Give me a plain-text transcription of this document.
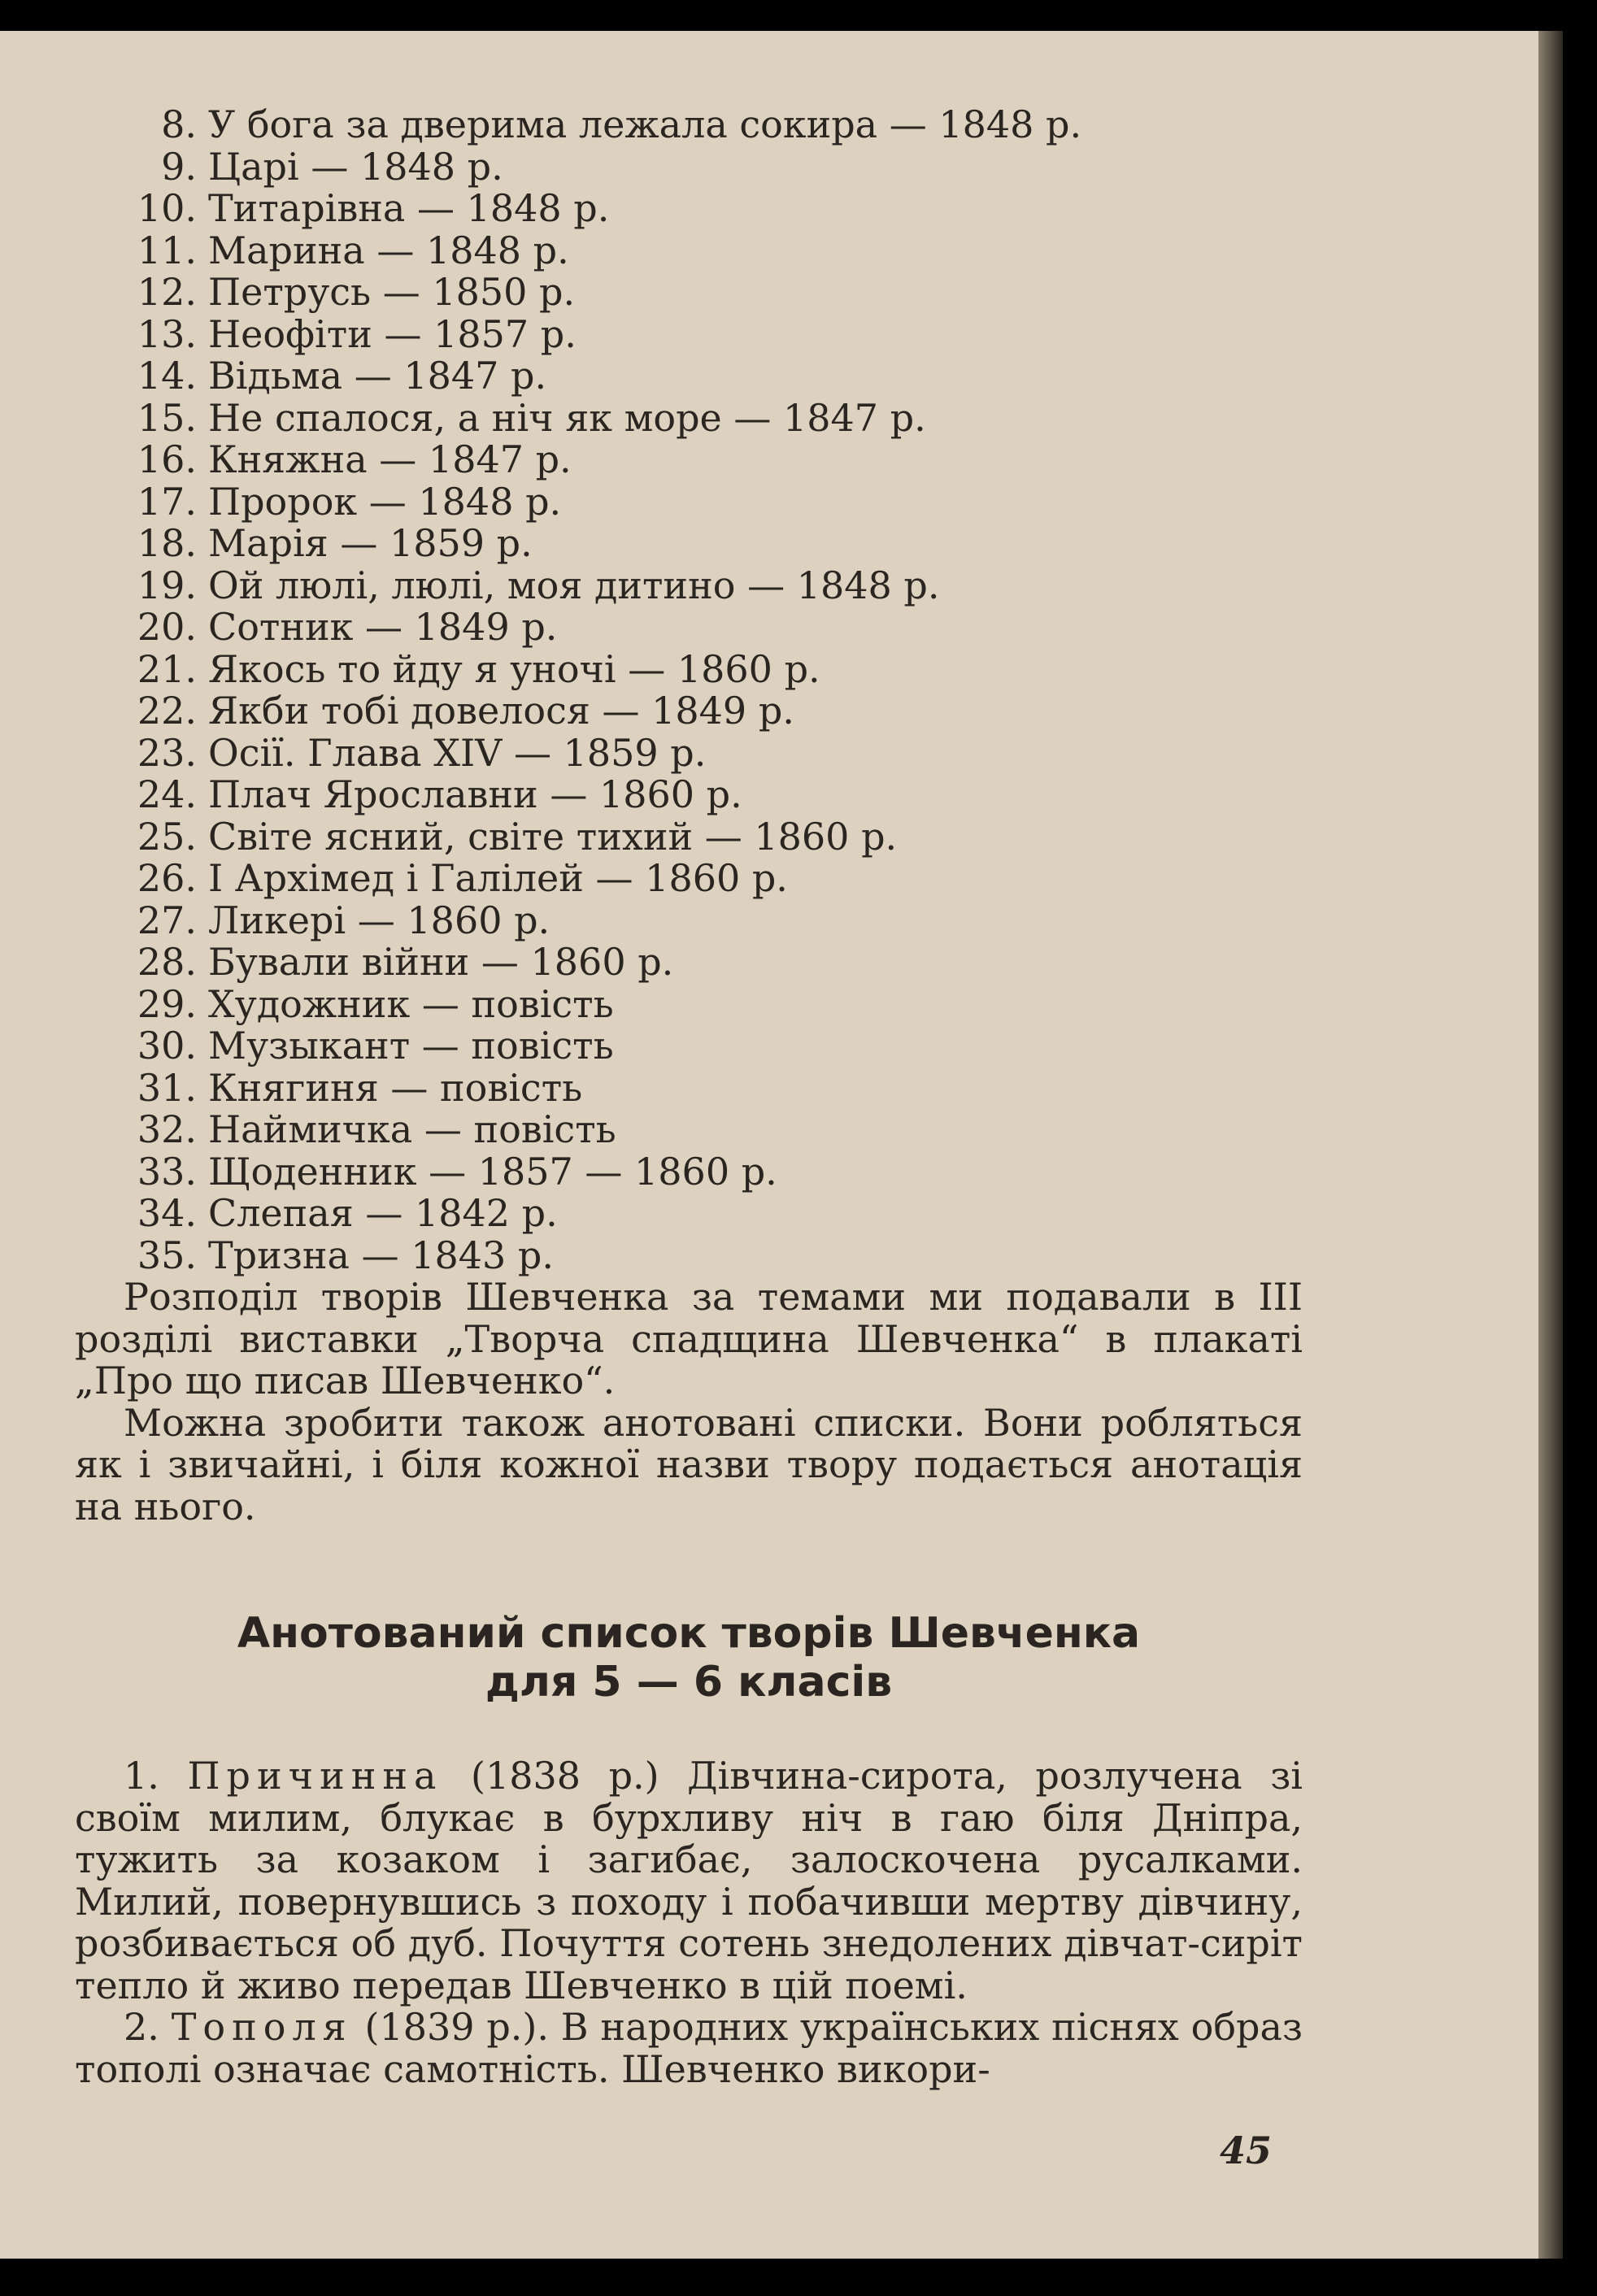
8. У бога за дверима лежала сокира — 1848 р.
9. Царі — 1848 р.
10. Титарівна — 1848 р.
11. Марина — 1848 р.
12. Петрусь — 1850 р.
13. Неофіти — 1857 р.
14. Відьма — 1847 р.
15. Не спалося, а ніч як море — 1847 р.
16. Княжна — 1847 р.
17. Пророк — 1848 р.
18. Марія — 1859 р.
19. Ой люлі, люлі, моя дитино — 1848 р.
20. Сотник — 1849 р.
21. Якось то йду я уночі — 1860 р.
22. Якби тобі довелося — 1849 р.
23. Осії. Глава XIV — 1859 р.
24. Плач Ярославни — 1860 р.
25. Світе ясний, світе тихий — 1860 р.
26. І Архімед і Галілей — 1860 р.
27. Ликері — 1860 р.
28. Бували війни — 1860 р.
29. Художник — повість
30. Музыкант — повість
31. Княгиня — повість
32. Наймичка — повість
33. Щоденник — 1857 — 1860 р.
34. Слепая — 1842 р.
35. Тризна — 1843 р.

Розподіл творів Шевченка за темами ми подавали в ІІІ розділі виставки „Творча спадщина Шевченка“ в плакаті „Про що писав Шевченко“.

Можна зробити також анотовані списки. Вони робляться як і звичайні, і біля кожної назви твору подається анотація на нього.

Анотований список творів Шевченка
для 5 — 6 класів

1. Причинна (1838 р.) Дівчина-сирота, розлучена зі своїм милим, блукає в бурхливу ніч в гаю біля Дніпра, тужить за козаком і загибає, залоскочена русалками. Милий, повернувшись з походу і побачивши мертву дівчину, розбивається об дуб. Почуття сотень знедолених дівчат-сиріт тепло й живо передав Шевченко в цій поемі.

2. Тополя (1839 р.). В народних українських піснях образ тополі означає самотність. Шевченко викори-

45
